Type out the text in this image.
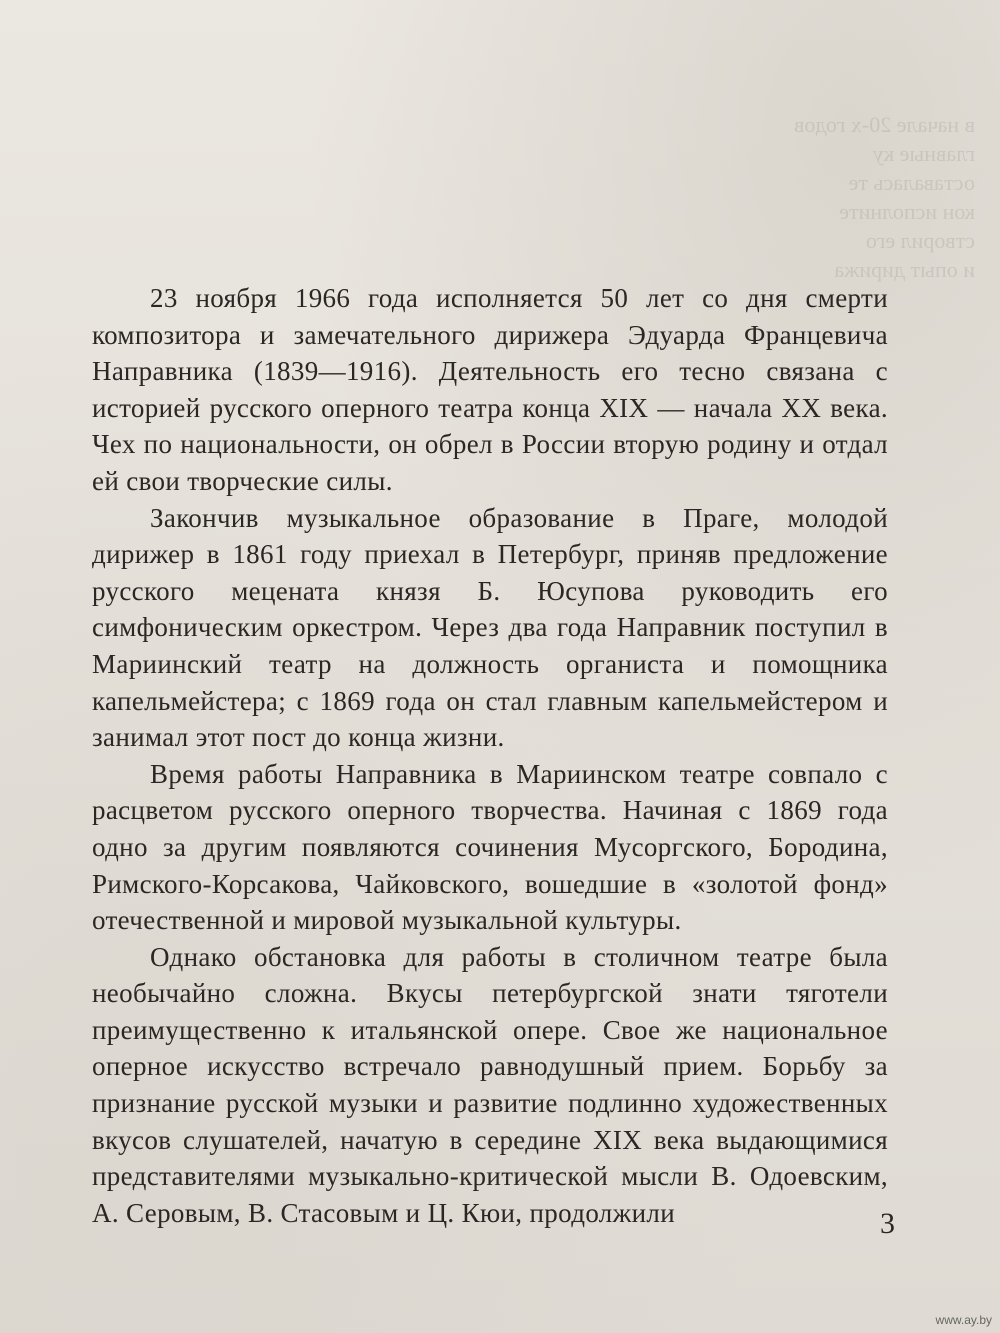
в начале 20-х годов
главные ку
оставалась те
кон исполните
створил его
и опыт дирижа

23 ноября 1966 года исполняется 50 лет со дня смерти композитора и замечательного дирижера Эдуарда Францевича Направника (1839—1916). Деятельность его тесно связана с историей русского оперного театра конца XIX — начала XX века. Чех по национальности, он обрел в России вторую родину и отдал ей свои творческие силы.

Закончив музыкальное образование в Праге, молодой дирижер в 1861 году приехал в Петербург, приняв предложение русского мецената князя Б. Юсупова руководить его симфоническим оркестром. Через два года Направник поступил в Мариинский театр на должность органиста и помощника капельмейстера; с 1869 года он стал главным капельмейстером и занимал этот пост до конца жизни.

Время работы Направника в Мариинском театре совпало с расцветом русского оперного творчества. Начиная с 1869 года одно за другим появляются сочинения Мусоргского, Бородина, Римского-Корсакова, Чайковского, вошедшие в «золотой фонд» отечественной и мировой музыкальной культуры.

Однако обстановка для работы в столичном театре была необычайно сложна. Вкусы петербургской знати тяготели преимущественно к итальянской опере. Свое же национальное оперное искусство встречало равнодушный прием. Борьбу за признание русской музыки и развитие подлинно художественных вкусов слушателей, начатую в середине XIX века выдающимися представителями музыкально-критической мысли В. Одоевским, А. Серовым, В. Стасовым и Ц. Кюи, продолжили	3
www.ay.by
